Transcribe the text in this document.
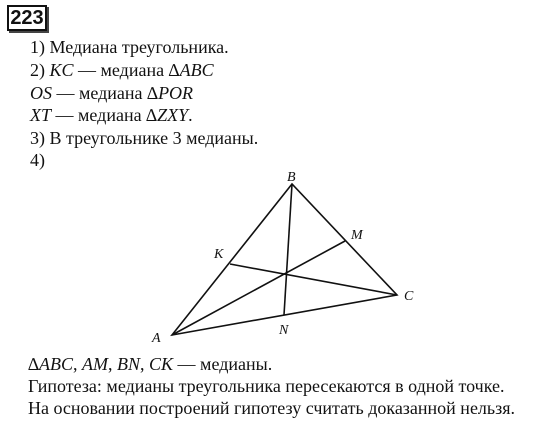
223
1) Медиана треугольника.
2) KC — медиана ∆ABC
OS — медиана ∆POR
XT — медиана ∆ZXY.
3) В треугольнике 3 медианы.
4)
B
A
C
K
M
N
∆ABC, AM, BN, CK — медианы.
Гипотеза: медианы треугольника пересекаются в одной точке.
На основании построений гипотезу считать доказанной нельзя.
